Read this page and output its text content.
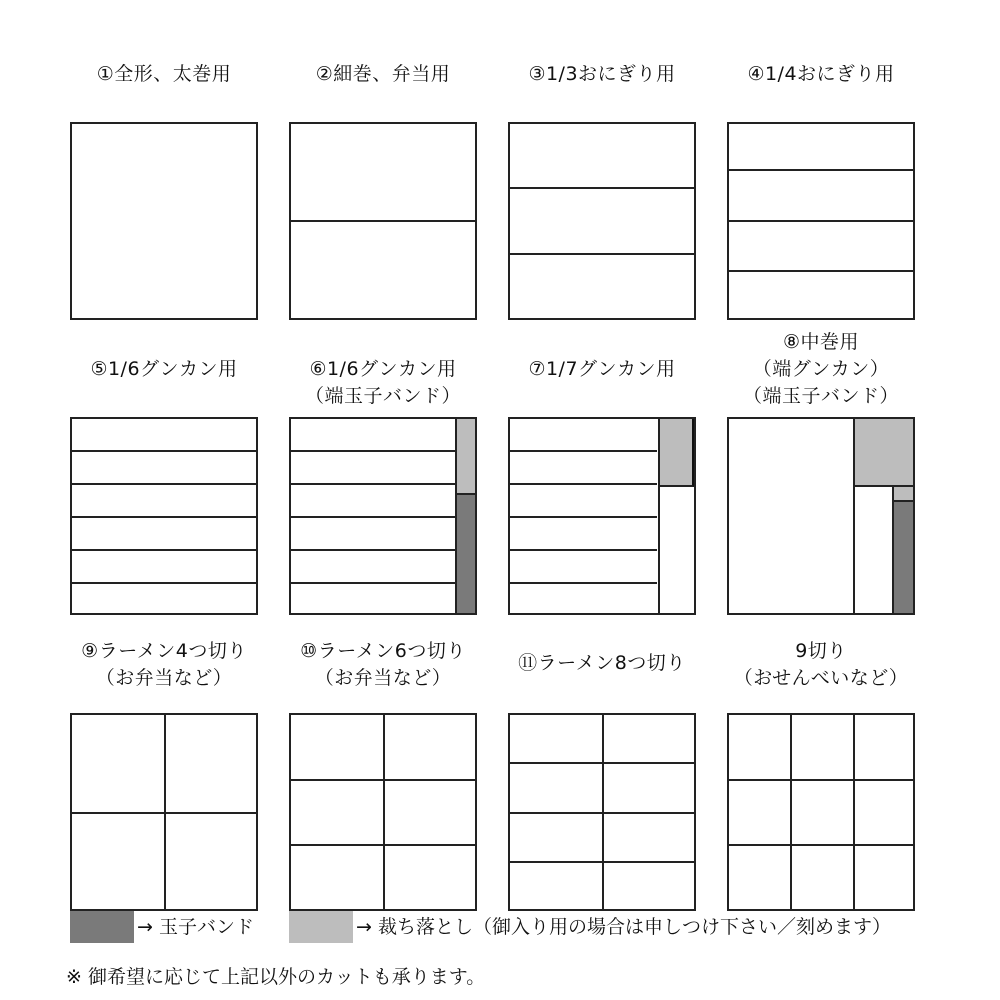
①全形、太巻用	②細巻、弁当用	③1/3おにぎり用	④1/4おにぎり用
⑤1/6グンカン用	⑥1/6グンカン用
（端玉子バンド）
⑦1/7グンカン用
⑧中巻用
（端グンカン）
（端玉子バンド）
⑨ラーメン4つ切り
（お弁当など）
⑩ラーメン6つ切り
（お弁当など）
⑪ラーメン8つ切り
9切り
（おせんべいなど）
→ 玉子バンド	→ 裁ち落とし（御入り用の場合は申しつけ下さい／刻めます）
※ 御希望に応じて上記以外のカットも承ります。
